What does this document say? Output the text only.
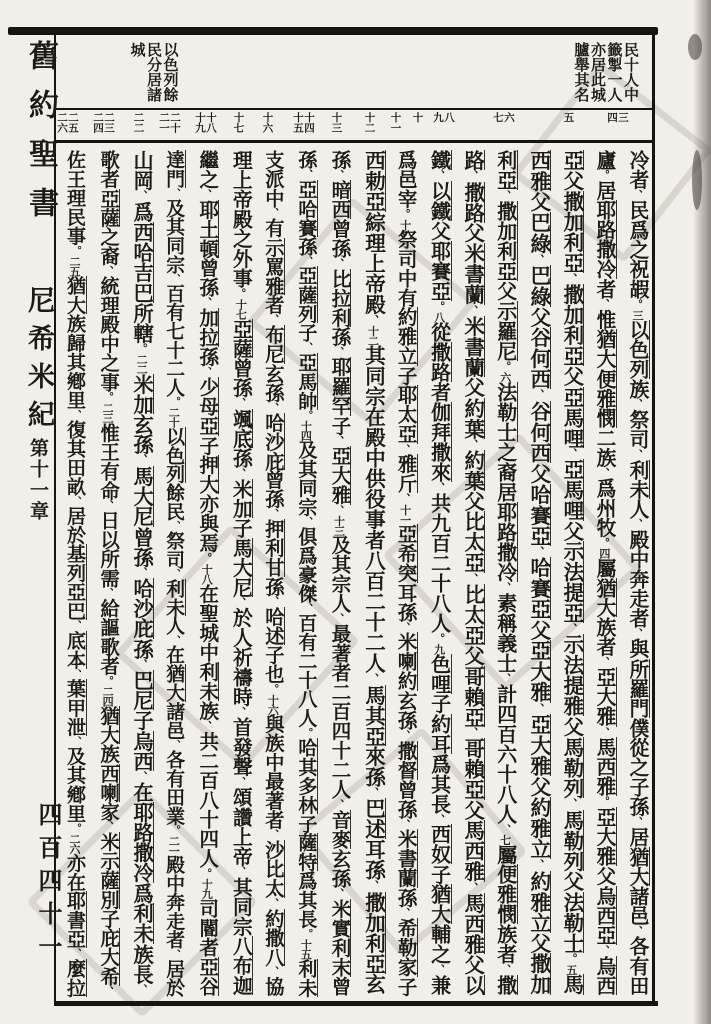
舊約聖書
尼希米紀
第十一章
四百四十一
民十人中
籤掣一人
亦居此城
臚舉其名
以色列餘
民分居諸
城
三
四
五
六
七
八
九
十
十一
十二
十三
十四
十五
十六
十七
十八
十九
二十
二一
二二
二三
二四
二五
二六
冷者、民爲之祝嘏。三以色列族、祭司、利未人、殿中奔走者、與所羅門僕從之子孫、居猶大諸邑、各有田
廬。居耶路撒冷者、惟猶大便雅憫二族、爲州牧。四屬猶大族者、亞大雅、馬西雅。亞大雅父烏西亞、烏西
亞父撒加利亞、撒加利亞父亞馬哩、亞馬哩父示法提亞、示法提雅父馬勒列、馬勒列父法勒士。五馬
西雅父巴綠、巴綠父谷何西、谷何西父哈賽亞、哈賽亞父亞大雅、亞大雅父約雅立、約雅立父撒加
利亞、撒加利亞父示羅尼。六法勒士之裔居耶路撒冷、素稱義士、計四百六十八人、七屬便雅憫族者、撒
路、撒路父米書蘭、米書蘭父約葉、約葉父比太亞、比太亞父哥賴亞、哥賴亞父馬西雅、馬西雅父以
鐵、以鐵父耶賽亞。八從撒路者伽拜撒來、共九百二十八人。九色哩子約耳爲其長、西奴子猶大輔之、兼
爲邑宰。十祭司中有約雅立子耶太亞、雅斤、十一亞希突耳孫、米喇約玄孫、撒督曾孫、米書蘭孫、希勒家子
西勅亞綜理上帝殿、十二其同宗在殿中供役事者八百二十二人、馬其亞來孫、巴述耳孫、撒加利亞玄
孫、暗西曾孫、比拉利孫、耶羅罕子、亞大雅、十三及其宗人、最著者二百四十二人、音麥玄孫、米實利末曾
孫、亞哈賽孫、亞薩列子、亞馬帥。十四及其同宗、俱爲豪傑、百有二十八人。哈其多林子薩特爲其長。十五利未
支派中、有示罵雅者、布尼玄孫、哈沙庇曾孫、押利甘孫、哈述子也。十六與族中最著者、沙比太、約撒八、協
理上帝殿之外事。十七亞薩曾孫、颯底孫、米加子馬大尼、於人祈禱時、首發聲、頌讚上帝、其同宗八布迦
繼之、耶土頓曾孫、加拉孫、少母亞子押大亦與焉。十八在聖城中利未族、共二百八十四人。十九司閽者亞谷
達門、及其同宗、百有七十二人。二十以色列餘民、祭司、利未人、在猶大諸邑、各有田業。二一殿中奔走者、居於
山岡、爲西哈吉巴所轄。二二米加玄孫、馬大尼曾孫、哈沙庇孫、巴尼子烏西、在耶路撒冷爲利未族長、
歌者亞薩之裔、統理殿中之事。二三惟王有命、日以所需、給謳歌者。二四猶大族西喇家、米示薩別子庇大希、
佐王理民事。二五猶大族歸其鄕里、復其田畝、居於基列亞巴、底本、葉甲泄、及其鄕里。二六亦在耶書亞、麼拉
